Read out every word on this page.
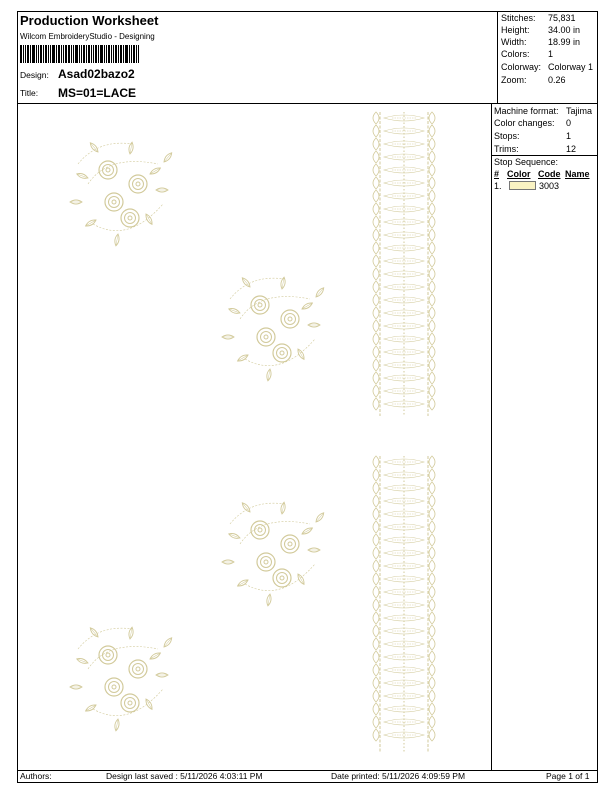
Production Worksheet
Wilcom EmbroideryStudio - Designing
Design: Asad02bazo2
Title: MS=01=LACE
Stitches: 75,831
Height: 34.00 in
Width: 18.99 in
Colors: 1
Colorway: Colorway 1
Zoom: 0.26
Machine format: Tajima
Color changes: 0
Stops:	1
Trims:	12
Stop Sequence:
# Color Code Name
1.	3003
Authors:	Design last saved : 5/11/2026 4:03:11 PM	Date printed: 5/11/2026 4:09:59 PM	Page 1 of 1
